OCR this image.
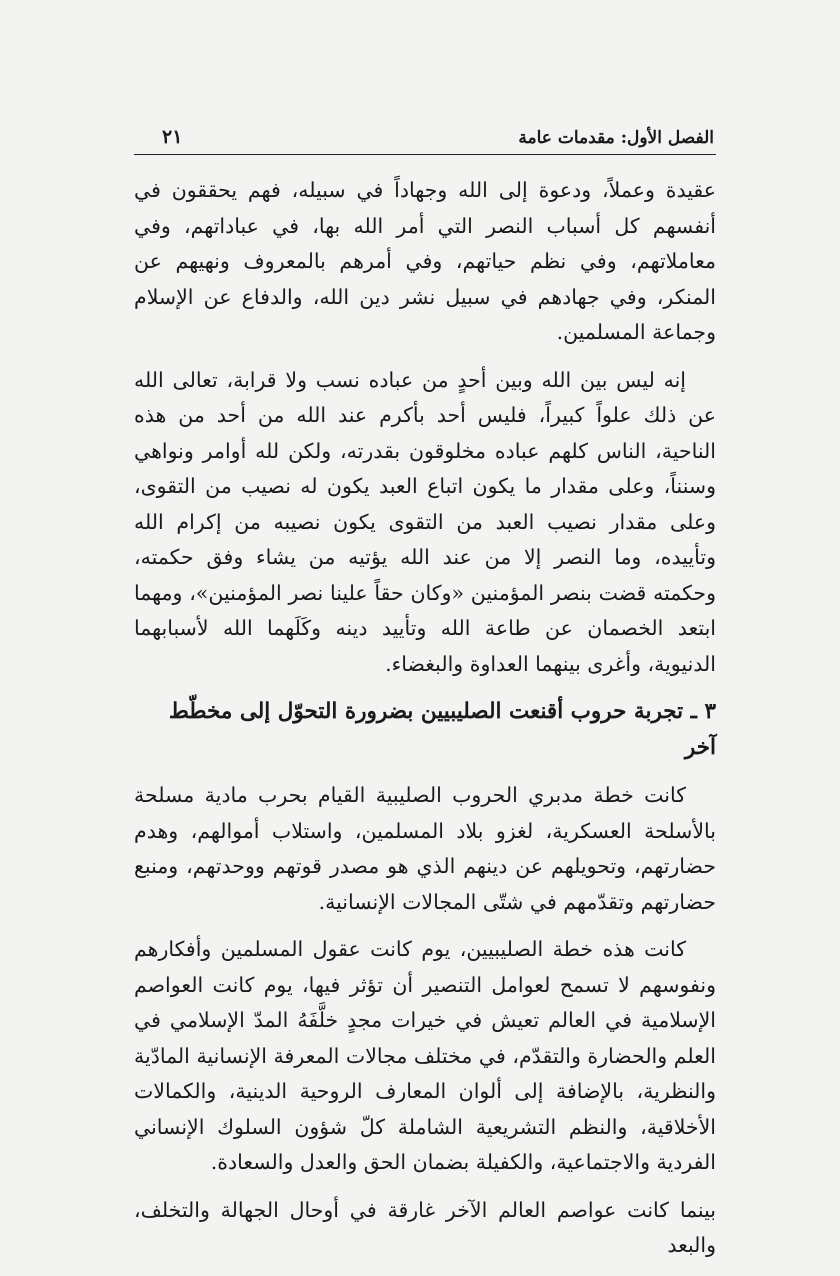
الفصل الأول: مقدمات عامة
٢١

عقيدة وعملاً، ودعوة إلى الله وجهاداً في سبيله، فهم يحققون في أنفسهم كل أسباب النصر التي أمر الله بها، في عباداتهم، وفي معاملاتهم، وفي نظم حياتهم، وفي أمرهم بالمعروف ونهيهم عن المنكر، وفي جهادهم في سبيل نشر دين الله، والدفاع عن الإسلام وجماعة المسلمين.

إنه ليس بين الله وبين أحدٍ من عباده نسب ولا قرابة، تعالى الله عن ذلك علواً كبيراً، فليس أحد بأكرم عند الله من أحد من هذه الناحية، الناس كلهم عباده مخلوقون بقدرته، ولكن لله أوامر ونواهي وسنناً، وعلى مقدار ما يكون اتباع العبد يكون له نصيب من التقوى، وعلى مقدار نصيب العبد من التقوى يكون نصيبه من إكرام الله وتأييده، وما النصر إلا من عند الله يؤتيه من يشاء وفق حكمته، وحكمته قضت بنصر المؤمنين «وكان حقاً علينا نصر المؤمنين»، ومهما ابتعد الخصمان عن طاعة الله وتأييد دينه وكَلَهما الله لأسبابهما الدنيوية، وأغرى بينهما العداوة والبغضاء.

٣ ـ تجربة حروب أقنعت الصليبيين بضرورة التحوّل إلى مخطّط آخر

كانت خطة مدبري الحروب الصليبية القيام بحرب مادية مسلحة بالأسلحة العسكرية، لغزو بلاد المسلمين، واستلاب أموالهم، وهدم حضارتهم، وتحويلهم عن دينهم الذي هو مصدر قوتهم ووحدتهم، ومنبع حضارتهم وتقدّمهم في شتّى المجالات الإنسانية.

كانت هذه خطة الصليبيين، يوم كانت عقول المسلمين وأفكارهم ونفوسهم لا تسمح لعوامل التنصير أن تؤثر فيها، يوم كانت العواصم الإسلامية في العالم تعيش في خيرات مجدٍ خلَّفَهُ المدّ الإسلامي في العلم والحضارة والتقدّم، في مختلف مجالات المعرفة الإنسانية المادّية والنظرية، بالإضافة إلى ألوان المعارف الروحية الدينية، والكمالات الأخلاقية، والنظم التشريعية الشاملة كلّ شؤون السلوك الإنساني الفردية والاجتماعية، والكفيلة بضمان الحق والعدل والسعادة.

بينما كانت عواصم العالم الآخر غارقة في أوحال الجهالة والتخلف، والبعد
